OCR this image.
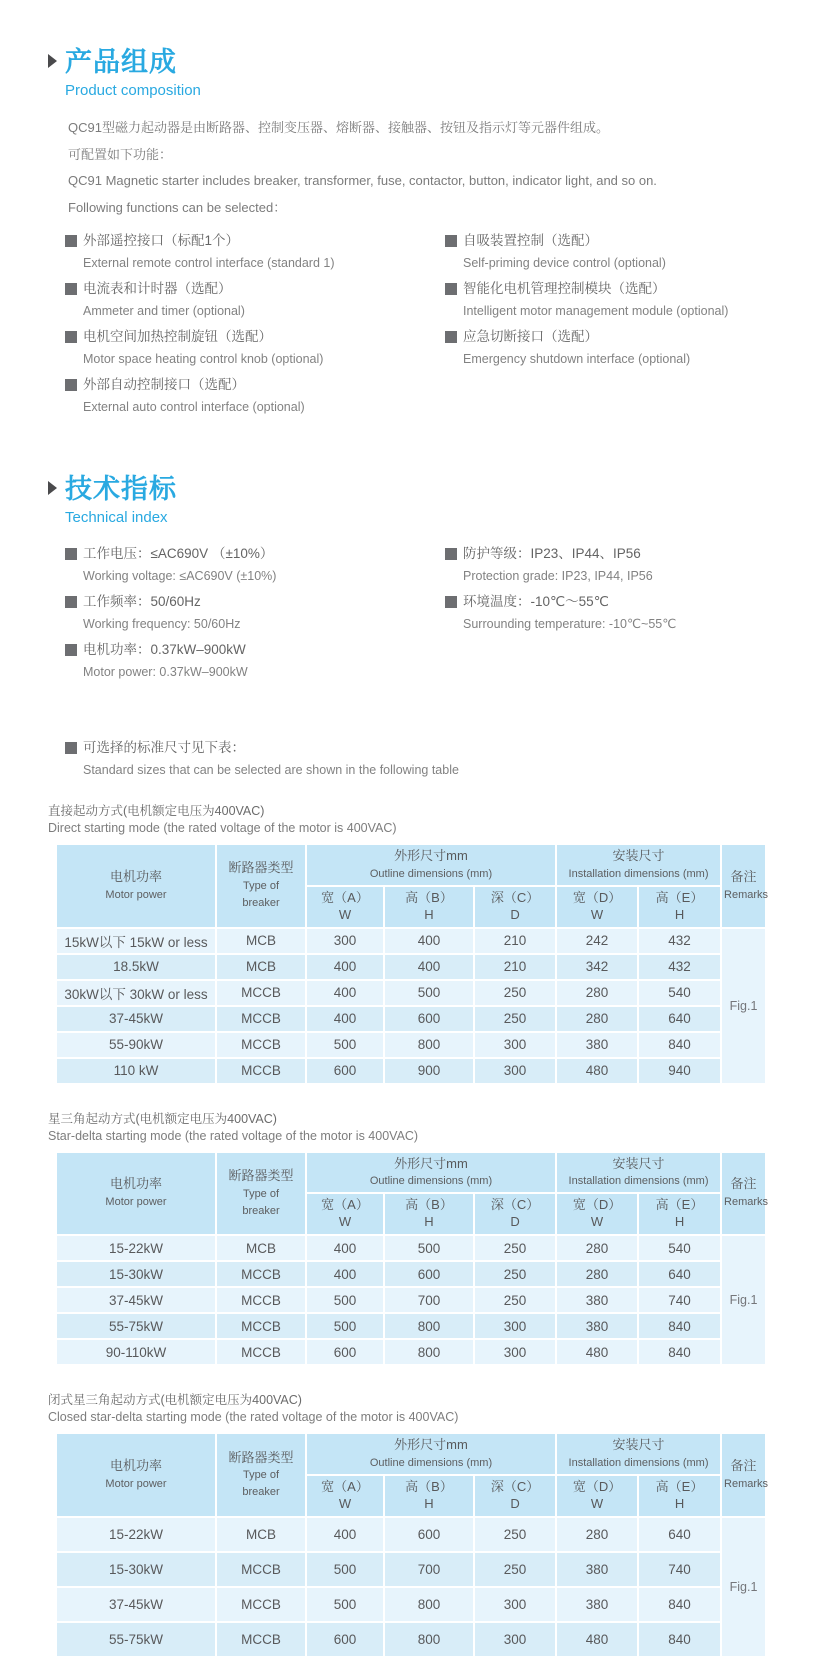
产品组成
Product composition

QC91型磁力起动器是由断路器、控制变压器、熔断器、接触器、按钮及指示灯等元器件组成。

可配置如下功能：

QC91 Magnetic starter includes breaker, transformer, fuse, contactor, button, indicator light, and so on.

Following functions can be selected：

外部遥控接口（标配1个）
External remote control interface (standard 1)
电流表和计时器（选配）
Ammeter and timer (optional)
电机空间加热控制旋钮（选配）
Motor space heating control knob (optional)
外部自动控制接口（选配）
External auto control interface (optional)
自吸装置控制（选配）
Self-priming device control (optional)
智能化电机管理控制模块（选配）
Intelligent motor management module (optional)
应急切断接口（选配）
Emergency shutdown interface (optional)
技术指标
Technical index
工作电压：≤AC690V （±10%）
Working voltage: ≤AC690V (±10%)
工作频率：50/60Hz
Working frequency: 50/60Hz
电机功率：0.37kW–900kW
Motor power: 0.37kW–900kW
防护等级：IP23、IP44、IP56
Protection grade: IP23, IP44, IP56
环境温度：-10℃～55℃
Surrounding temperature: -10℃~55℃
可选择的标准尺寸见下表：
Standard sizes that can be selected are shown in the following table
直接起动方式(电机额定电压为400VAC)
Direct starting mode (the rated voltage of the motor is 400VAC)
电机功率
Motor power	断路器类型
Type of
breaker	外形尺寸mm
Outline dimensions (mm)			安装尺寸
Installation dimensions (mm)		备注
Remarks
		宽（A）
W	高（B）
H	深（C）
D	宽（D）
W	高（E）
H	
15kW以下 15kW or less	MCB	300	400	210	242	432	Fig.1
18.5kW	MCB	400	400	210	342	432	
30kW以下 30kW or less	MCCB	400	500	250	280	540	
37-45kW	MCCB	400	600	250	280	640	
55-90kW	MCCB	500	800	300	380	840	
110 kW	MCCB	600	900	300	480	940	
星三角起动方式(电机额定电压为400VAC)
Star-delta starting mode (the rated voltage of the motor is 400VAC)
电机功率
Motor power	断路器类型
Type of
breaker	外形尺寸mm
Outline dimensions (mm)			安装尺寸
Installation dimensions (mm)		备注
Remarks
		宽（A）
W	高（B）
H	深（C）
D	宽（D）
W	高（E）
H	
15-22kW	MCB	400	500	250	280	540	Fig.1
15-30kW	MCCB	400	600	250	280	640	
37-45kW	MCCB	500	700	250	380	740	
55-75kW	MCCB	500	800	300	380	840	
90-110kW	MCCB	600	800	300	480	840	
闭式星三角起动方式(电机额定电压为400VAC)
Closed star-delta starting mode (the rated voltage of the motor is 400VAC)
电机功率
Motor power	断路器类型
Type of
breaker	外形尺寸mm
Outline dimensions (mm)			安装尺寸
Installation dimensions (mm)		备注
Remarks
		宽（A）
W	高（B）
H	深（C）
D	宽（D）
W	高（E）
H	
15-22kW	MCB	400	600	250	280	640	Fig.1
15-30kW	MCCB	500	700	250	380	740	
37-45kW	MCCB	500	800	300	380	840	
55-75kW	MCCB	600	800	300	480	840	
